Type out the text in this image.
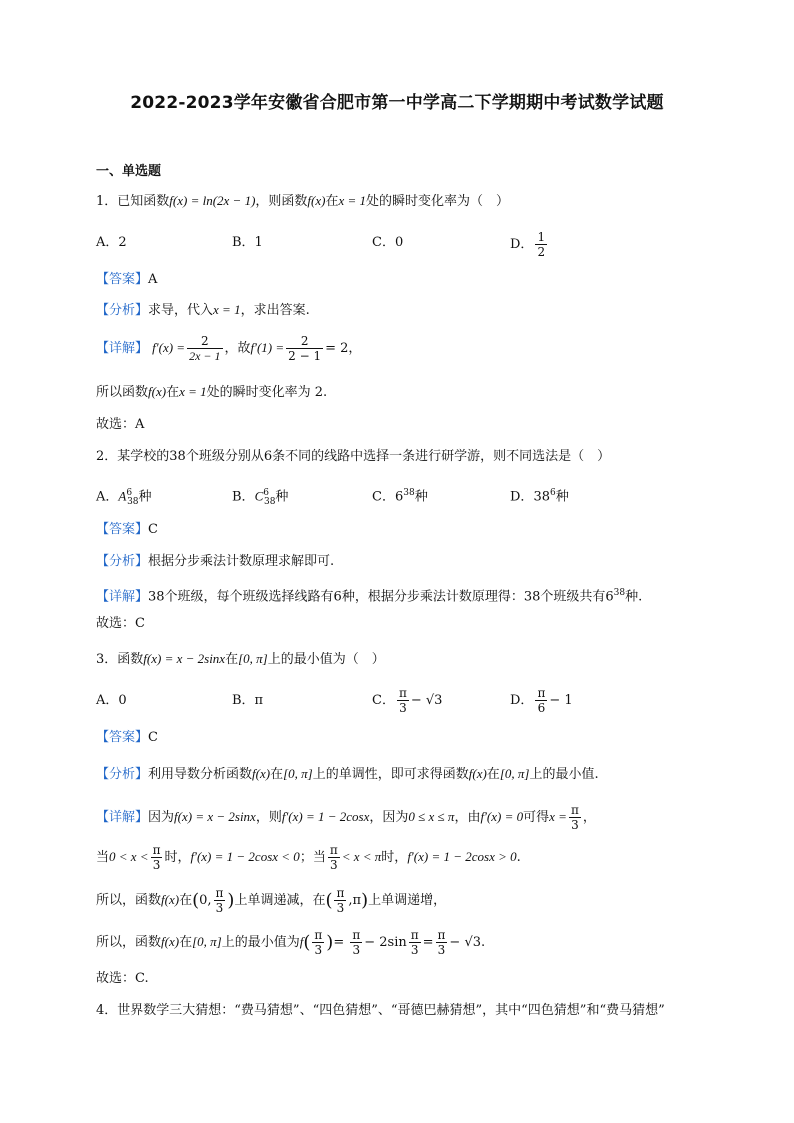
2022-2023学年安徽省合肥市第一中学高二下学期期中考试数学试题
一、单选题
1．已知函数f(x) = ln(2x − 1)，则函数f(x)在x = 1处的瞬时变化率为（　）
A．2	B．1	C．0	D． $\frac{1}{2}$
【答案】A
【分析】求导，代入x = 1，求出答案.
【详解】 $f'(x) = \frac{2}{2x - 1}$ ，故$f'(1) = \frac{2}{2 - 1} = 2$，
所以函数f(x)在x = 1处的瞬时变化率为 2.
故选：A
2．某学校的38个班级分别从6条不同的线路中选择一条进行研学游，则不同选法是（　）
A．$A^6_{38}$种	B．$C^6_{38}$种	C．$6^{38}$种	D．$38^6$种
【答案】C
【分析】根据分步乘法计数原理求解即可.
【详解】38个班级，每个班级选择线路有6种，根据分步乘法计数原理得：38个班级共有$6^{38}$种.
故选：C
3．函数f(x) = x − 2sinx在[0, π]上的最小值为（　）
A．0	B．π	C． $\frac{\pi}{3} - √3$	D． $\frac{\pi}{6} - 1$
【答案】C
【分析】利用导数分析函数f(x)在[0, π]上的单调性，即可求得函数f(x)在[0, π]上的最小值.
【详解】因为f(x) = x − 2sinx，则f′(x) = 1 − 2cosx，因为0 ≤ x ≤ π，由f′(x) = 0可得$x = \frac{\pi}{3}$ ，
当$0 < x < \frac{\pi}{3}$ 时，f′(x) = 1 − 2cosx < 0；当 $\frac{\pi}{3} < x < \pi$时，f′(x) = 1 − 2cosx > 0.
所以，函数f(x)在(0, $\frac{\pi}{3}$ )上单调递减，在( $\frac{\pi}{3} ,\pi$)上单调递增，
所以，函数f(x)在[0, π]上的最小值为$f( \frac{\pi}{3}$ )= $\frac{\pi}{3} - 2\sin \frac{\pi}{3} = \frac{\pi}{3} - √3$.
故选：C.
4．世界数学三大猜想：“费马猜想”、“四色猜想”、“哥德巴赫猜想”，其中“四色猜想”和“费马猜想”
